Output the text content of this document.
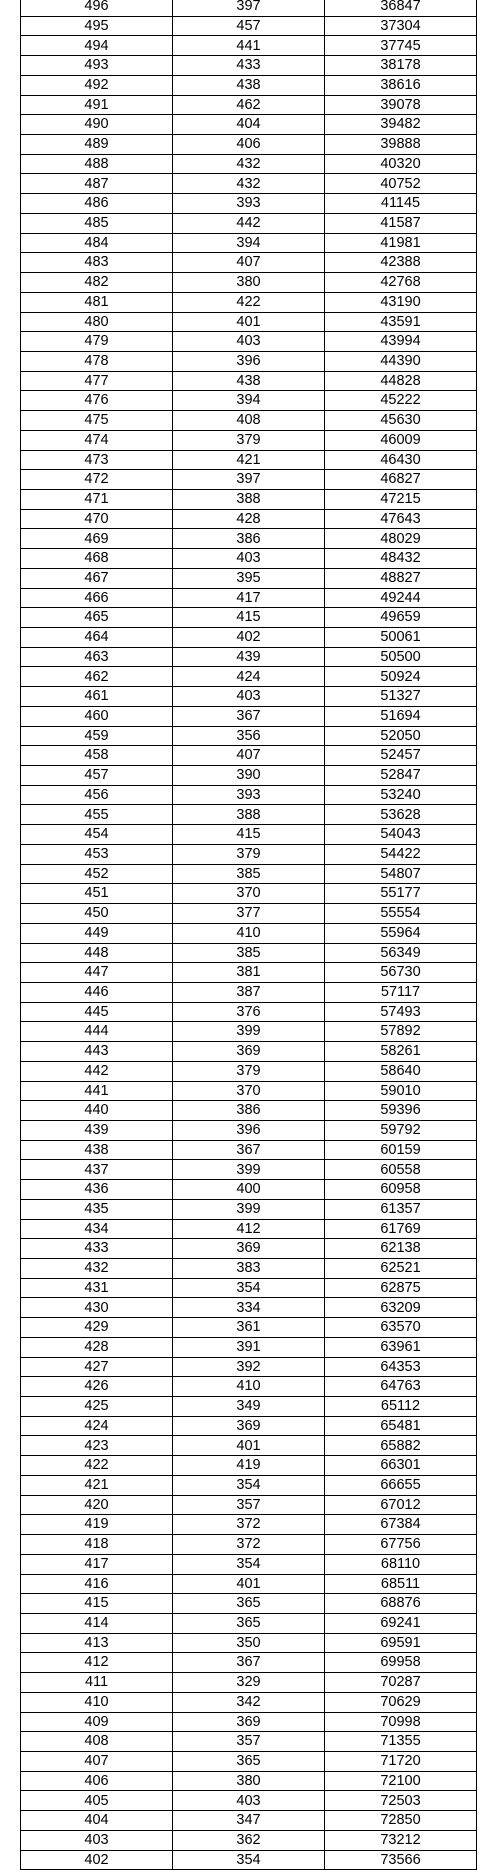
496	397	36847
495	457	37304
494	441	37745
493	433	38178
492	438	38616
491	462	39078
490	404	39482
489	406	39888
488	432	40320
487	432	40752
486	393	41145
485	442	41587
484	394	41981
483	407	42388
482	380	42768
481	422	43190
480	401	43591
479	403	43994
478	396	44390
477	438	44828
476	394	45222
475	408	45630
474	379	46009
473	421	46430
472	397	46827
471	388	47215
470	428	47643
469	386	48029
468	403	48432
467	395	48827
466	417	49244
465	415	49659
464	402	50061
463	439	50500
462	424	50924
461	403	51327
460	367	51694
459	356	52050
458	407	52457
457	390	52847
456	393	53240
455	388	53628
454	415	54043
453	379	54422
452	385	54807
451	370	55177
450	377	55554
449	410	55964
448	385	56349
447	381	56730
446	387	57117
445	376	57493
444	399	57892
443	369	58261
442	379	58640
441	370	59010
440	386	59396
439	396	59792
438	367	60159
437	399	60558
436	400	60958
435	399	61357
434	412	61769
433	369	62138
432	383	62521
431	354	62875
430	334	63209
429	361	63570
428	391	63961
427	392	64353
426	410	64763
425	349	65112
424	369	65481
423	401	65882
422	419	66301
421	354	66655
420	357	67012
419	372	67384
418	372	67756
417	354	68110
416	401	68511
415	365	68876
414	365	69241
413	350	69591
412	367	69958
411	329	70287
410	342	70629
409	369	70998
408	357	71355
407	365	71720
406	380	72100
405	403	72503
404	347	72850
403	362	73212
402	354	73566
